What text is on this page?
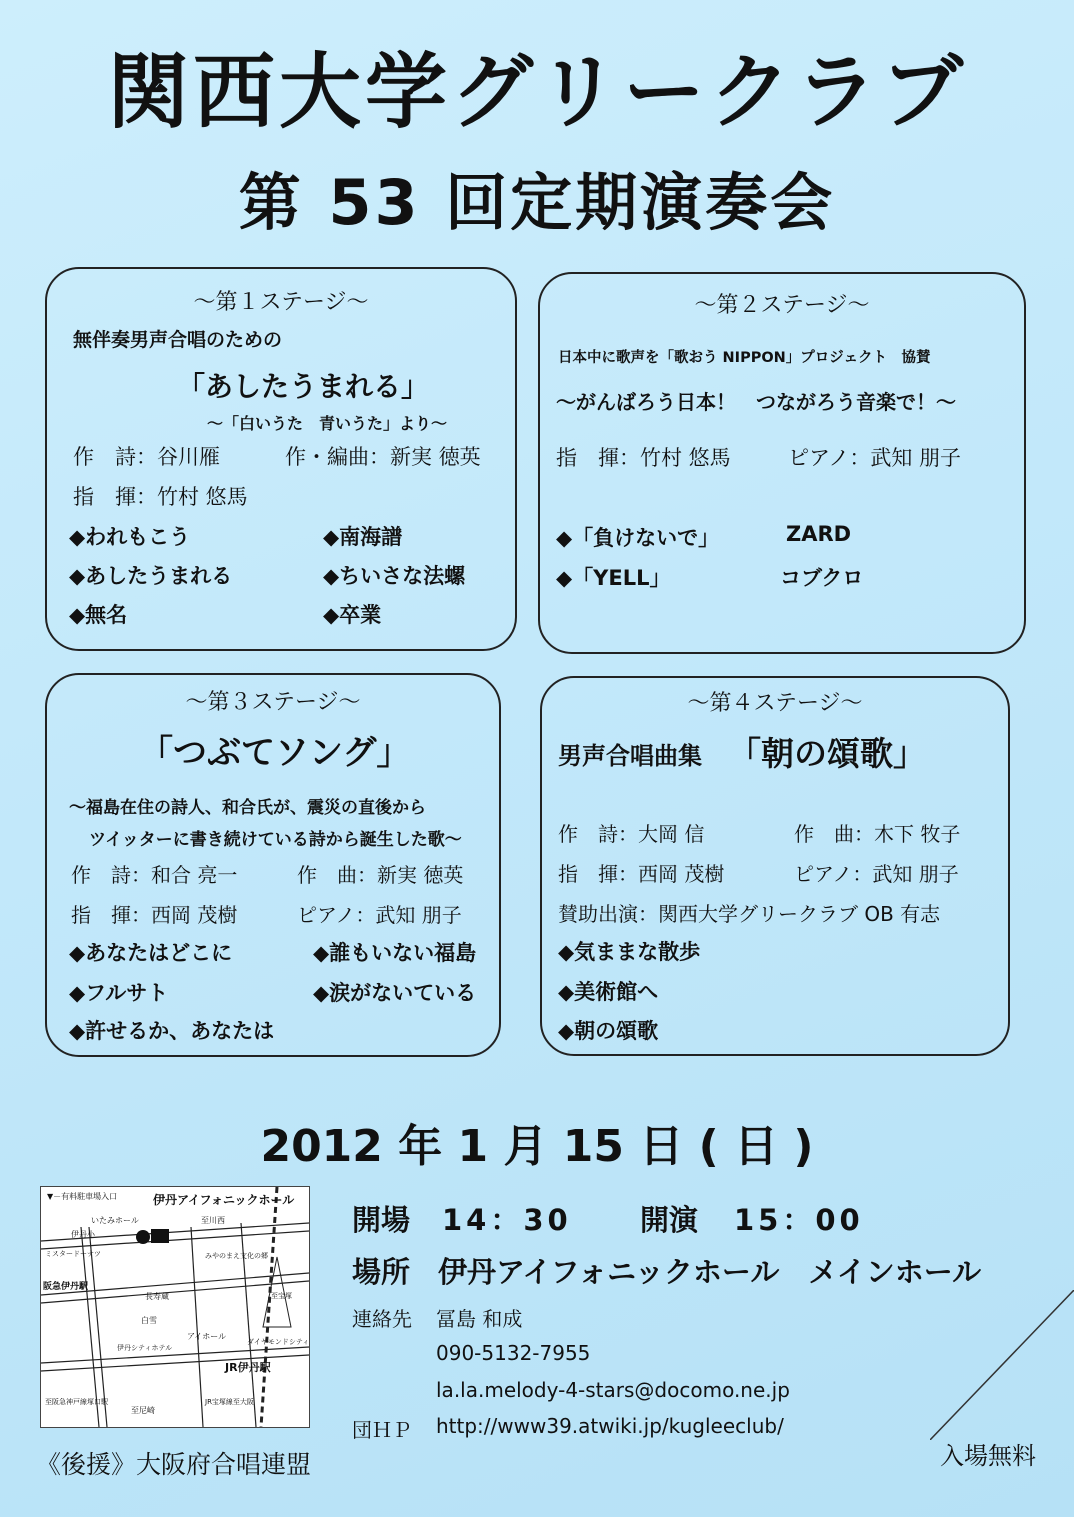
関西大学グリークラブ
第 53 回定期演奏会
～第１ステージ～
無伴奏男声合唱のための
「あしたうまれる」
～「白いうた　青いうた」より～
作　詩：谷川雁	作・編曲：新実 徳英
指　揮：竹村 悠馬
◆われもこう	◆南海譜
◆あしたうまれる	◆ちいさな法螺
◆無名	◆卒業
～第２ステージ～
日本中に歌声を「歌おう NIPPON」プロジェクト　協賛
～がんばろう日本！　つながろう音楽で！～
指　揮：竹村 悠馬	ピアノ：武知 朋子
◆「負けないで」	ZARD
◆「YELL」	コブクロ
～第３ステージ～
「つぶてソング」
～福島在住の詩人、和合氏が、震災の直後から
ツイッターに書き続けている詩から誕生した歌～
作　詩：和合 亮一	作　曲：新実 徳英
指　揮：西岡 茂樹	ピアノ：武知 朋子
◆あなたはどこに	◆誰もいない福島
◆フルサト	◆涙がないている
◆許せるか、あなたは
～第４ステージ～
男声合唱曲集 「朝の頌歌」
作　詩：大岡 信	作　曲：木下 牧子
指　揮：西岡 茂樹	ピアノ：武知 朋子
賛助出演：関西大学グリークラブ OB 有志
◆気ままな散歩
◆美術館へ
◆朝の頌歌
2012 年 1 月 15 日 ( 日 )
開場 14：30 開演 15：00
場所 伊丹アイフォニックホール　メインホール
連絡先 冨島 和成
090-5132-7955
la.la.melody-4-stars@docomo.ne.jp
団ＨＰ http://www39.atwiki.jp/kugleeclub/
入場無料
《後援》大阪府合唱連盟
伊丹アイフォニックホール
▼－有料駐車場入口
いたみホール
伊丹小
至川西
ミスタードーナツ
阪急伊丹駅
みやのまえ文化の郷
長寿蔵
白雪
アイホール
伊丹シティホテル
ダイヤモンドシティ
JR伊丹駅
至阪急神戸線塚口駅
至尼崎
JR宝塚線至大阪
至宝塚
